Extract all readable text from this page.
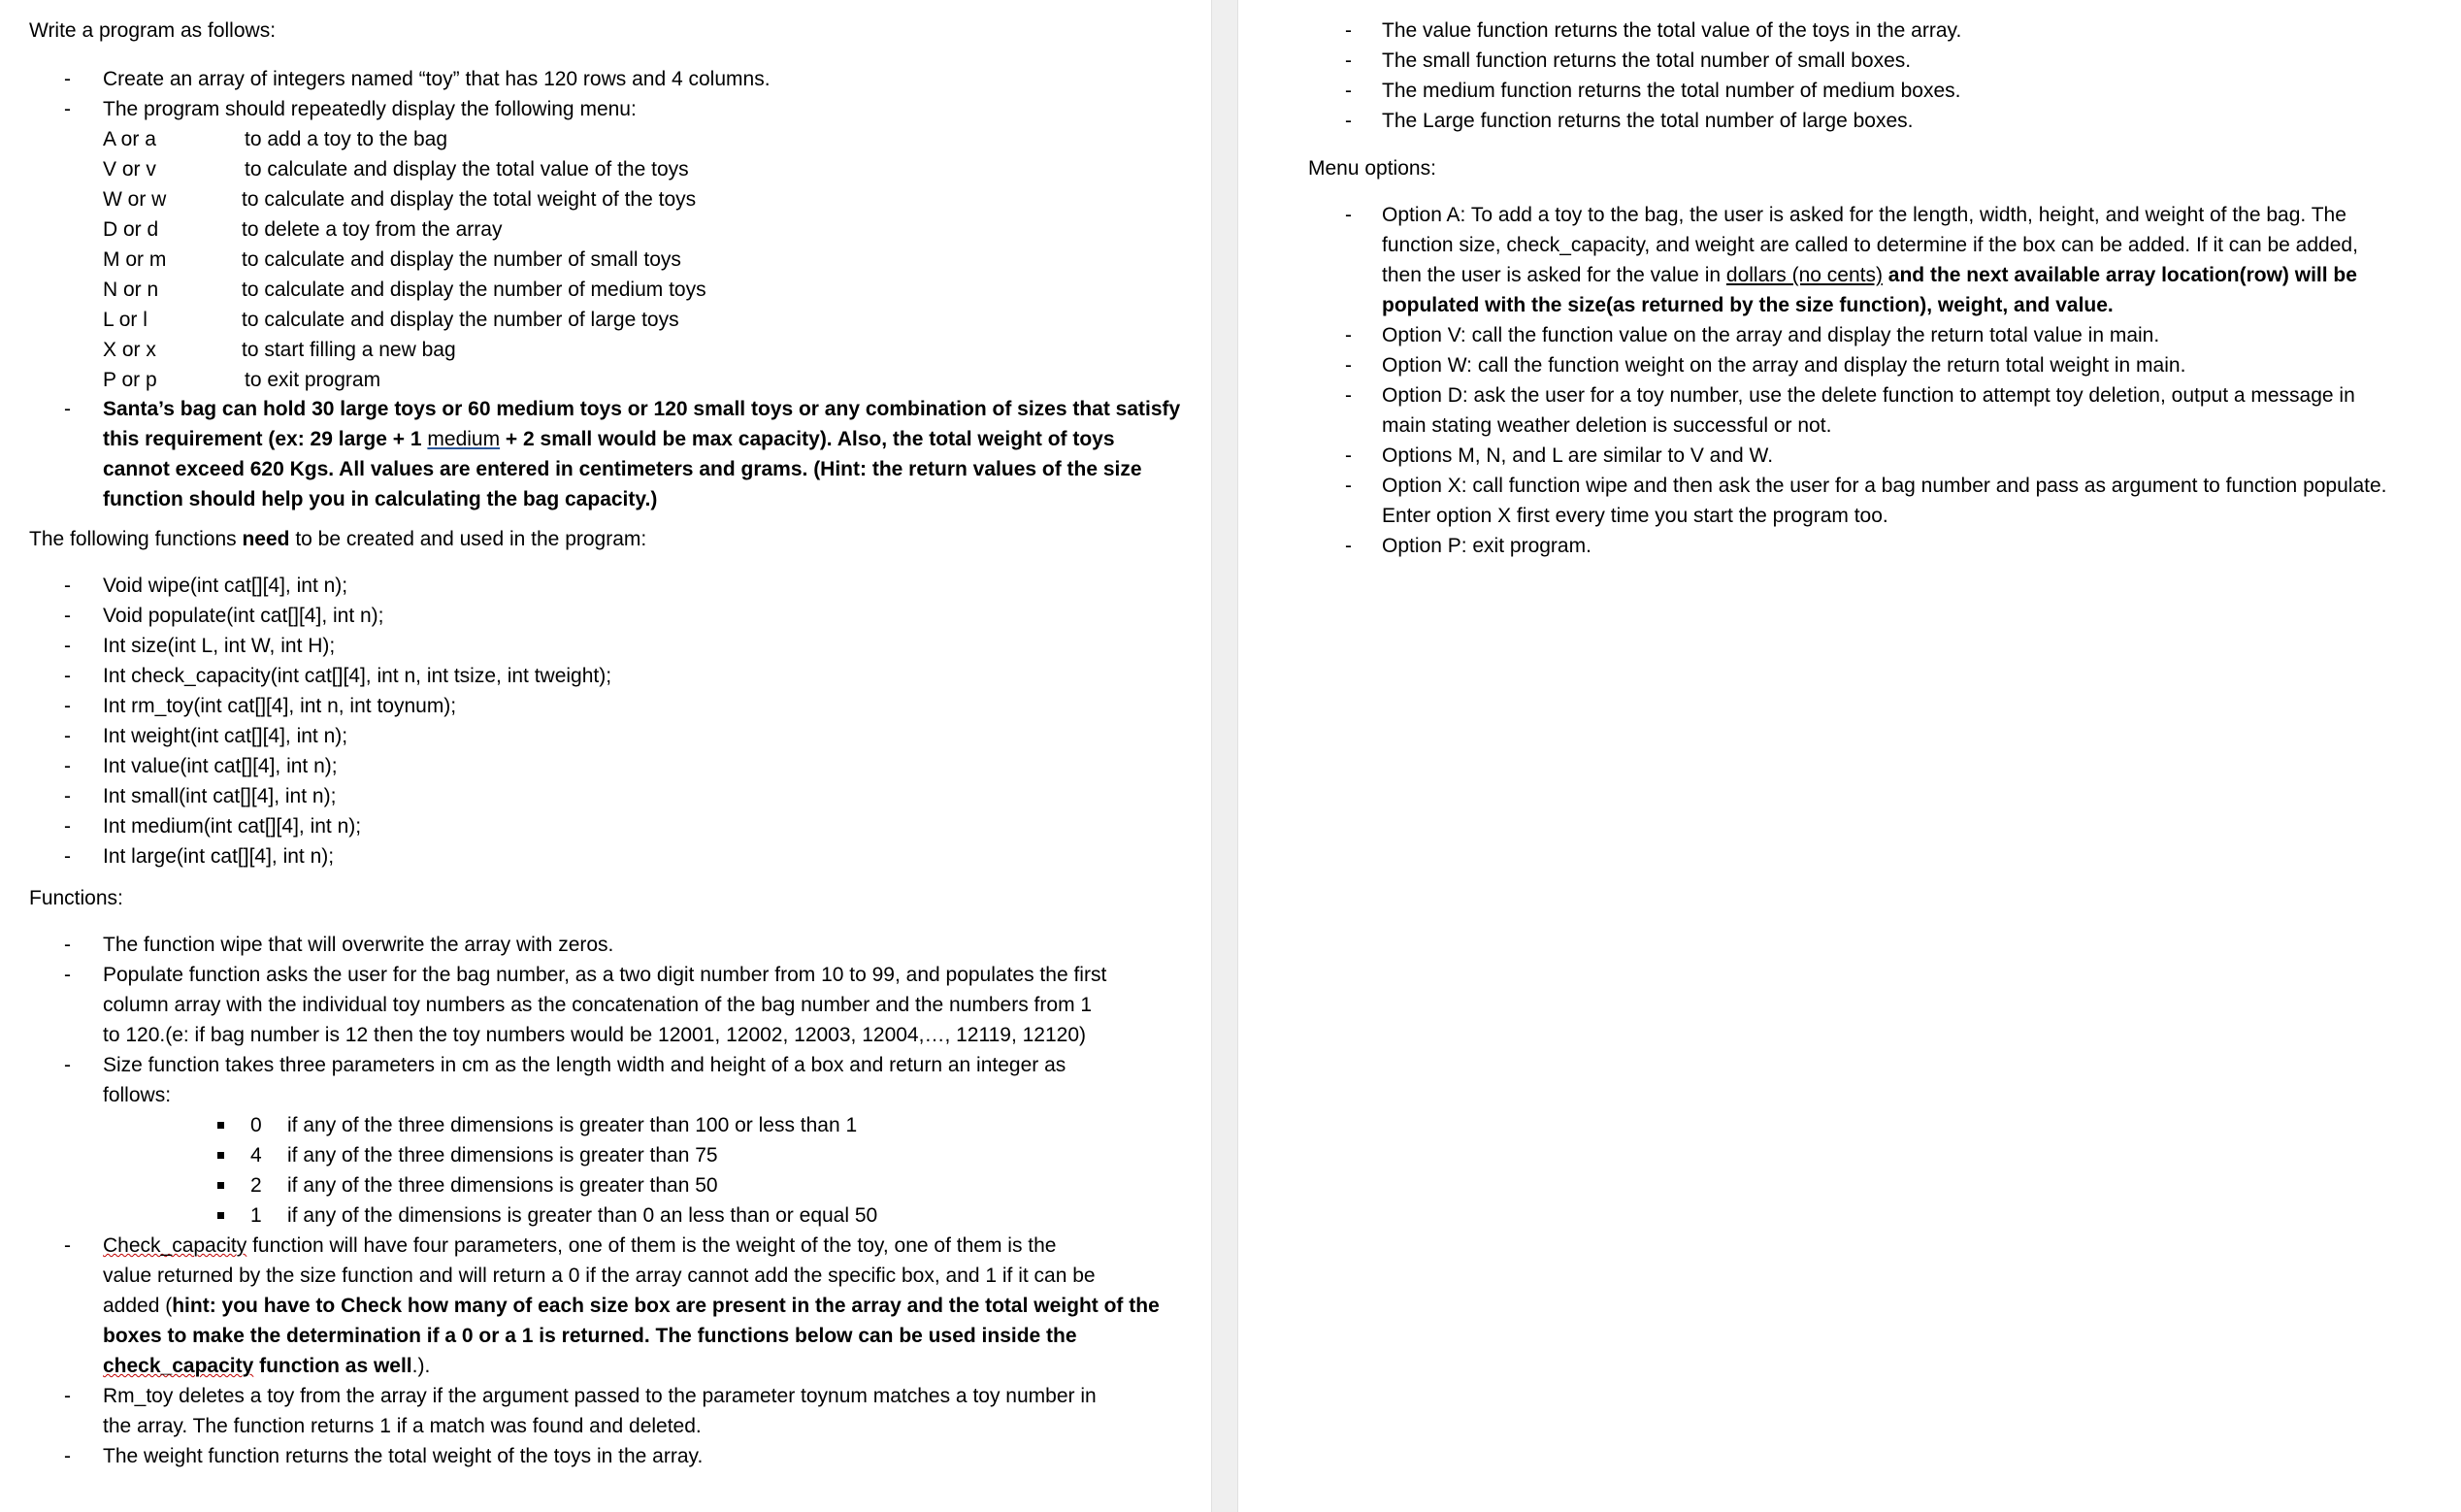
Write a program as follows:
- Create an array of integers named “toy” that has 120 rows and 4 columns.
- The program should repeatedly display the following menu:
A or a	to add a toy to the bag
V or v	to calculate and display the total value of the toys
W or w	to calculate and display the total weight of the toys
D or d	to delete a toy from the array
M or m	to calculate and display the number of small toys
N or n	to calculate and display the number of medium toys
L or l	to calculate and display the number of large toys
X or x	to start filling a new bag
P or p	to exit program
- Santa’s bag can hold 30 large toys or 60 medium toys or 120 small toys or any combination of sizes that satisfy
this requirement (ex: 29 large + 1 medium + 2 small would be max capacity). Also, the total weight of toys
cannot exceed 620 Kgs. All values are entered in centimeters and grams. (Hint: the return values of the size
function should help you in calculating the bag capacity.)
The following functions need to be created and used in the program:
- Void wipe(int cat[][4], int n);
- Void populate(int cat[][4], int n);
- Int size(int L, int W, int H);
- Int check_capacity(int cat[][4], int n, int tsize, int tweight);
- Int rm_toy(int cat[][4], int n, int toynum);
- Int weight(int cat[][4], int n);
- Int value(int cat[][4], int n);
- Int small(int cat[][4], int n);
- Int medium(int cat[][4], int n);
- Int large(int cat[][4], int n);
Functions:
- The function wipe that will overwrite the array with zeros.
- Populate function asks the user for the bag number, as a two digit number from 10 to 99, and populates the first
column array with the individual toy numbers as the concatenation of the bag number and the numbers from 1
to 120.(e: if bag number is 12 then the toy numbers would be 12001, 12002, 12003, 12004,…, 12119, 12120)
- Size function takes three parameters in cm as the length width and height of a box and return an integer as
follows:
0 if any of the three dimensions is greater than 100 or less than 1
4 if any of the three dimensions is greater than 75
2 if any of the three dimensions is greater than 50
1 if any of the dimensions is greater than 0 an less than or equal 50
- Check_capacity function will have four parameters, one of them is the weight of the toy, one of them is the
value returned by the size function and will return a 0 if the array cannot add the specific box, and 1 if it can be
added (hint: you have to Check how many of each size box are present in the array and the total weight of the
boxes to make the determination if a 0 or a 1 is returned. The functions below can be used inside the
check_capacity function as well.).
- Rm_toy deletes a toy from the array if the argument passed to the parameter toynum matches a toy number in
the array. The function returns 1 if a match was found and deleted.
- The weight function returns the total weight of the toys in the array.
- The value function returns the total value of the toys in the array.
- The small function returns the total number of small boxes.
- The medium function returns the total number of medium boxes.
- The Large function returns the total number of large boxes.
Menu options:
- Option A: To add a toy to the bag, the user is asked for the length, width, height, and weight of the bag. The
function size, check_capacity, and weight are called to determine if the box can be added. If it can be added,
then the user is asked for the value in dollars (no cents) and the next available array location(row) will be
populated with the size(as returned by the size function), weight, and value.
- Option V: call the function value on the array and display the return total value in main.
- Option W: call the function weight on the array and display the return total weight in main.
- Option D: ask the user for a toy number, use the delete function to attempt toy deletion, output a message in
main stating weather deletion is successful or not.
- Options M, N, and L are similar to V and W.
- Option X: call function wipe and then ask the user for a bag number and pass as argument to function populate.
Enter option X first every time you start the program too.
- Option P: exit program.
